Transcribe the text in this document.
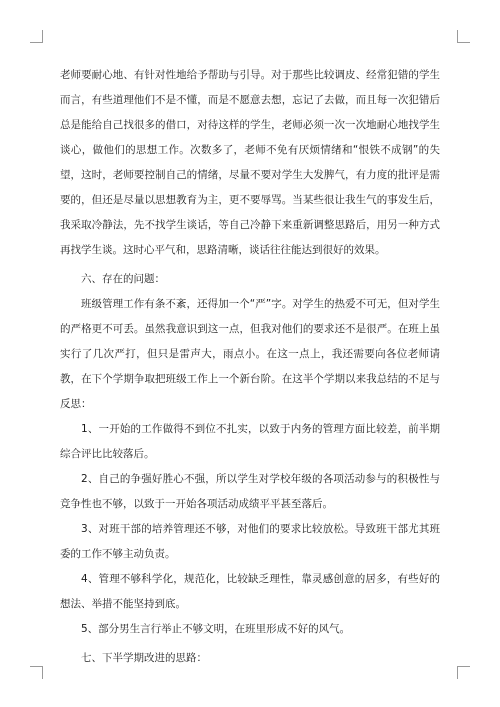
老师要耐心地、有针对性地给予帮助与引导。对于那些比较调皮、经常犯错的学生而言，有些道理他们不是不懂，而是不愿意去想，忘记了去做，而且每一次犯错后总是能给自己找很多的借口，对待这样的学生，老师必须一次一次地耐心地找学生谈心，做他们的思想工作。次数多了，老师不免有厌烦情绪和“恨铁不成钢”的失望，这时，老师要控制自己的情绪，尽量不要对学生大发脾气，有力度的批评是需要的，但还是尽量以思想教育为主，更不要辱骂。当某些很让我生气的事发生后，我采取冷静法，先不找学生谈话，等自己冷静下来重新调整思路后，用另一种方式再找学生谈。这时心平气和，思路清晰，谈话往往能达到很好的效果。

六、存在的问题：

班级管理工作有条不紊，还得加一个“严”字。对学生的热爱不可无，但对学生的严格更不可丢。虽然我意识到这一点，但我对他们的要求还不是很严。在班上虽实行了几次严打，但只是雷声大，雨点小。在这一点上，我还需要向各位老师请教，在下个学期争取把班级工作上一个新台阶。在这半个学期以来我总结的不足与反思：

1、一开始的工作做得不到位不扎实，以致于内务的管理方面比较差，前半期综合评比比较落后。

2、自己的争强好胜心不强，所以学生对学校年级的各项活动参与的积极性与竞争性也不够，以致于一开始各项活动成绩平平甚至落后。

3、对班干部的培养管理还不够，对他们的要求比较放松。导致班干部尤其班委的工作不够主动负责。

4、管理不够科学化，规范化，比较缺乏理性，靠灵感创意的居多，有些好的想法、举措不能坚持到底。

5、部分男生言行举止不够文明，在班里形成不好的风气。

七、下半学期改进的思路：
